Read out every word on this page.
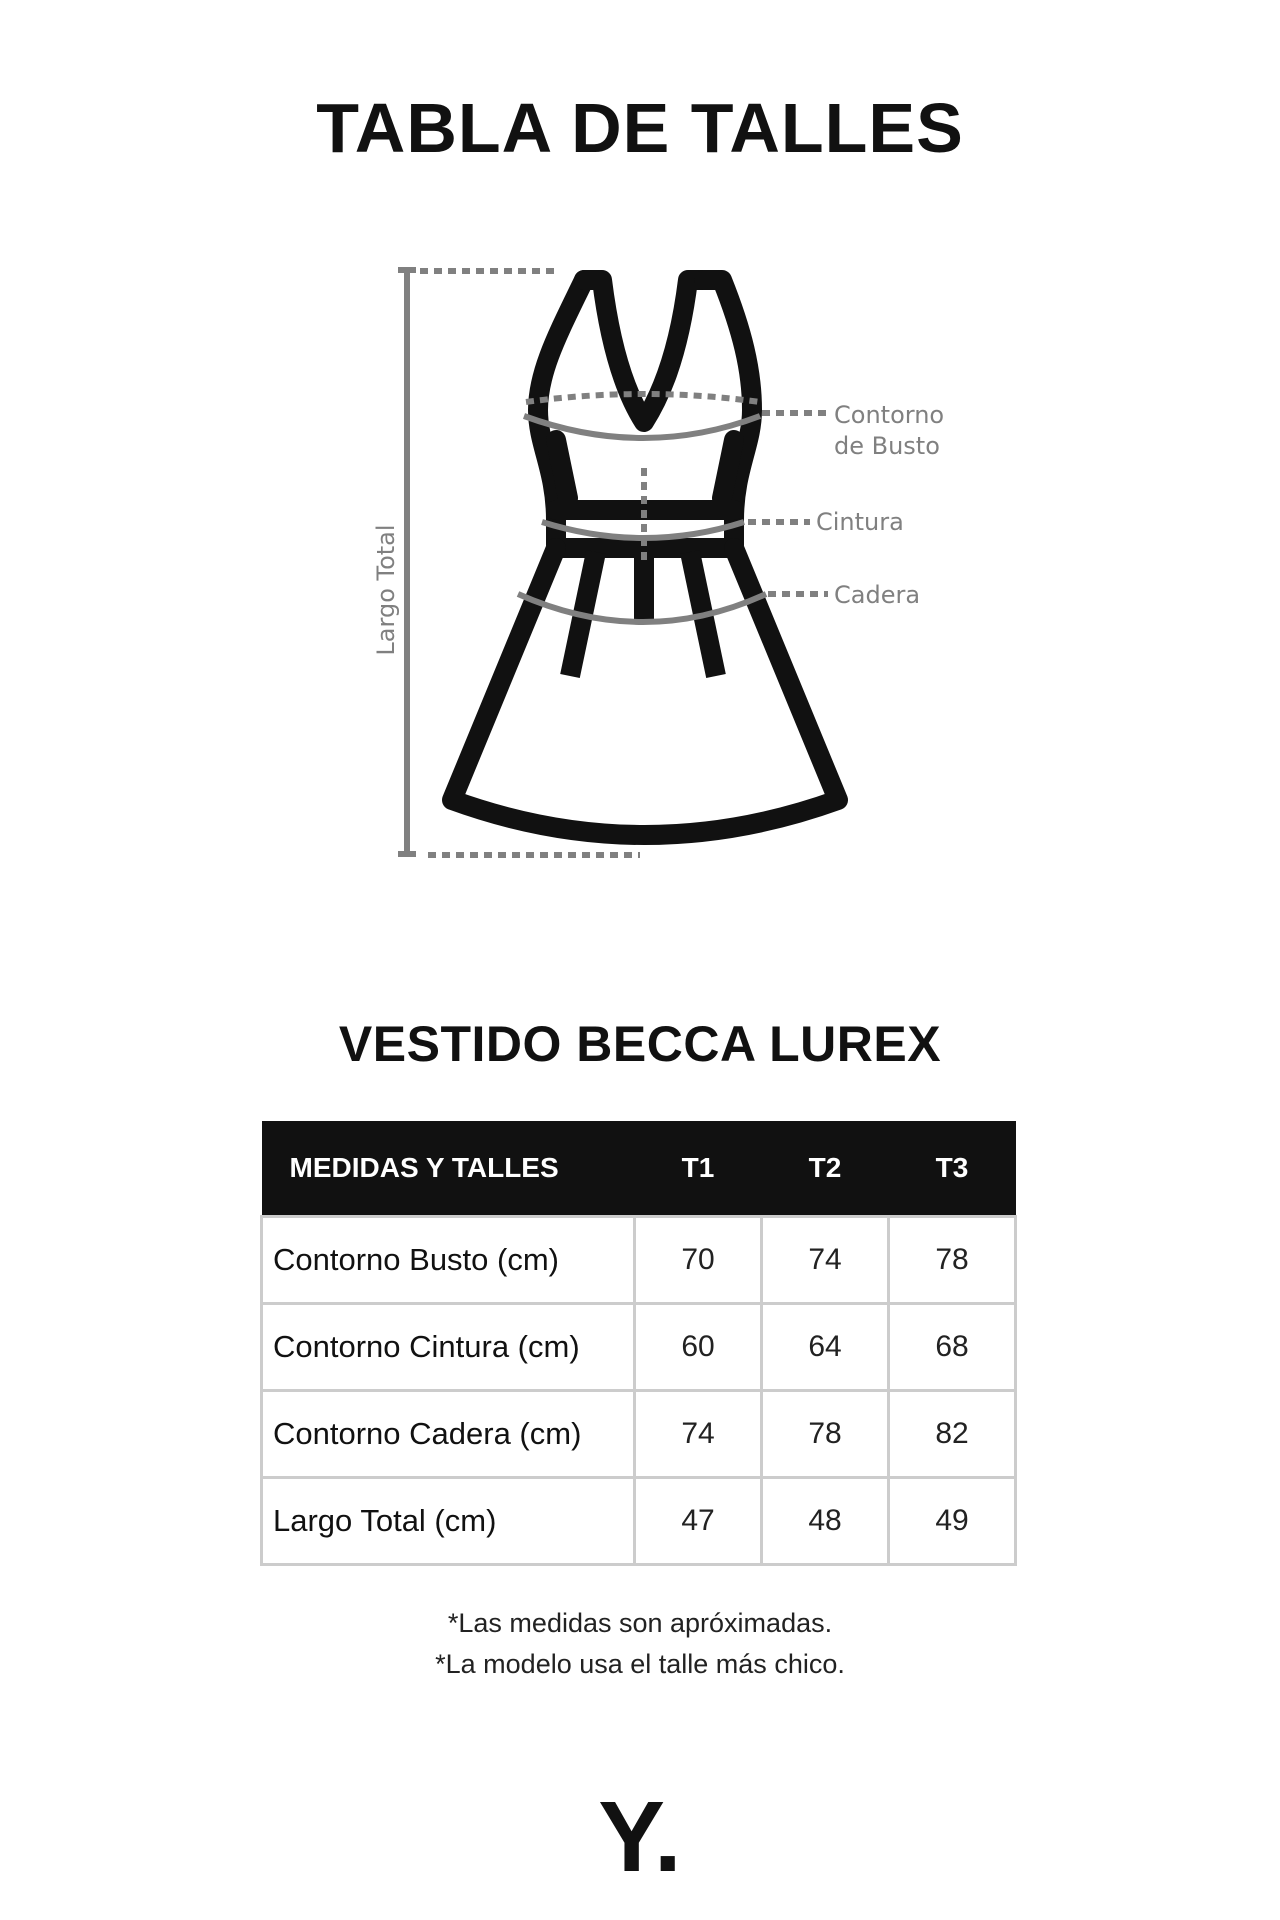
TABLA DE TALLES
Contorno
de Busto
Cintura
Cadera
Largo Total
VESTIDO BECCA LUREX
MEDIDAS Y TALLES	T1	T2	T3
Contorno Busto (cm)	70	74	78
Contorno Cintura (cm)	60	64	68
Contorno Cadera (cm)	74	78	82
Largo Total (cm)	47	48	49
*Las medidas son apróximadas.
*La modelo usa el talle más chico.
Y.
